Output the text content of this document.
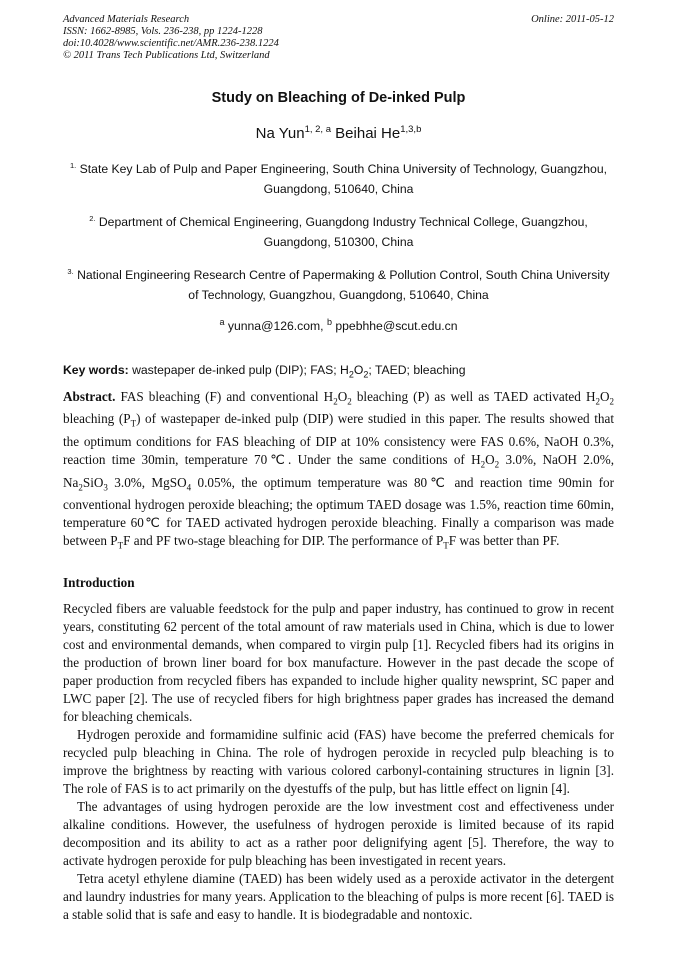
Advanced Materials Research
ISSN: 1662-8985, Vols. 236-238, pp 1224-1228
doi:10.4028/www.scientific.net/AMR.236-238.1224
© 2011 Trans Tech Publications Ltd, Switzerland
Online: 2011-05-12
Study on Bleaching of De-inked Pulp
Na Yun$^{1, 2, a}$ Beihai He$^{1,3,b}$
$^{1.}$ State Key Lab of Pulp and Paper Engineering, South China University of Technology, Guangzhou, Guangdong, 510640, China
$^{2.}$ Department of Chemical Engineering, Guangdong Industry Technical College, Guangzhou, Guangdong, 510300, China
$^{3.}$ National Engineering Research Centre of Papermaking & Pollution Control, South China University of Technology, Guangzhou, Guangdong, 510640, China
$^a$ yunna@126.com, $^b$ ppebhhe@scut.edu.cn
Key words: wastepaper de-inked pulp (DIP); FAS; $H_2O_2$; TAED; bleaching

Abstract. FAS bleaching (F) and conventional $H_2O_2$ bleaching (P) as well as TAED activated $H_2O_2$ bleaching $(P_T)$ of wastepaper de-inked pulp (DIP) were studied in this paper. The results showed that the optimum conditions for FAS bleaching of DIP at 10% consistency were FAS 0.6%, NaOH 0.3%, reaction time 30min, temperature 70℃. Under the same conditions of $H_2O_2$ 3.0%, NaOH 2.0%, $Na_2SiO_3$ 3.0%, MgSO$_4$ 0.05%, the optimum temperature was 80℃ and reaction time 90min for conventional hydrogen peroxide bleaching; the optimum TAED dosage was 1.5%, reaction time 60min, temperature 60℃ for TAED activated hydrogen peroxide bleaching. Finally a comparison was made between $P_TF$ and PF two-stage bleaching for DIP. The performance of $P_TF$ was better than PF.

Introduction

Recycled fibers are valuable feedstock for the pulp and paper industry, has continued to grow in recent years, constituting 62 percent of the total amount of raw materials used in China, which is due to lower cost and environmental demands, when compared to virgin pulp [1]. Recycled fibers had its origins in the production of brown liner board for box manufacture. However in the past decade the scope of paper production from recycled fibers has expanded to include higher quality newsprint, SC paper and LWC paper [2]. The use of recycled fibers for high brightness paper grades has increased the demand for bleaching chemicals.

Hydrogen peroxide and formamidine sulfinic acid (FAS) have become the preferred chemicals for recycled pulp bleaching in China. The role of hydrogen peroxide in recycled pulp bleaching is to improve the brightness by reacting with various colored carbonyl-containing structures in lignin [3]. The role of FAS is to act primarily on the dyestuffs of the pulp, but has little effect on lignin [4].

The advantages of using hydrogen peroxide are the low investment cost and effectiveness under alkaline conditions. However, the usefulness of hydrogen peroxide is limited because of its rapid decomposition and its ability to act as a rather poor delignifying agent [5]. Therefore, the way to activate hydrogen peroxide for pulp bleaching has been investigated in recent years.

Tetra acetyl ethylene diamine (TAED) has been widely used as a peroxide activator in the detergent and laundry industries for many years. Application to the bleaching of pulps is more recent [6]. TAED is a stable solid that is safe and easy to handle. It is biodegradable and nontoxic.
